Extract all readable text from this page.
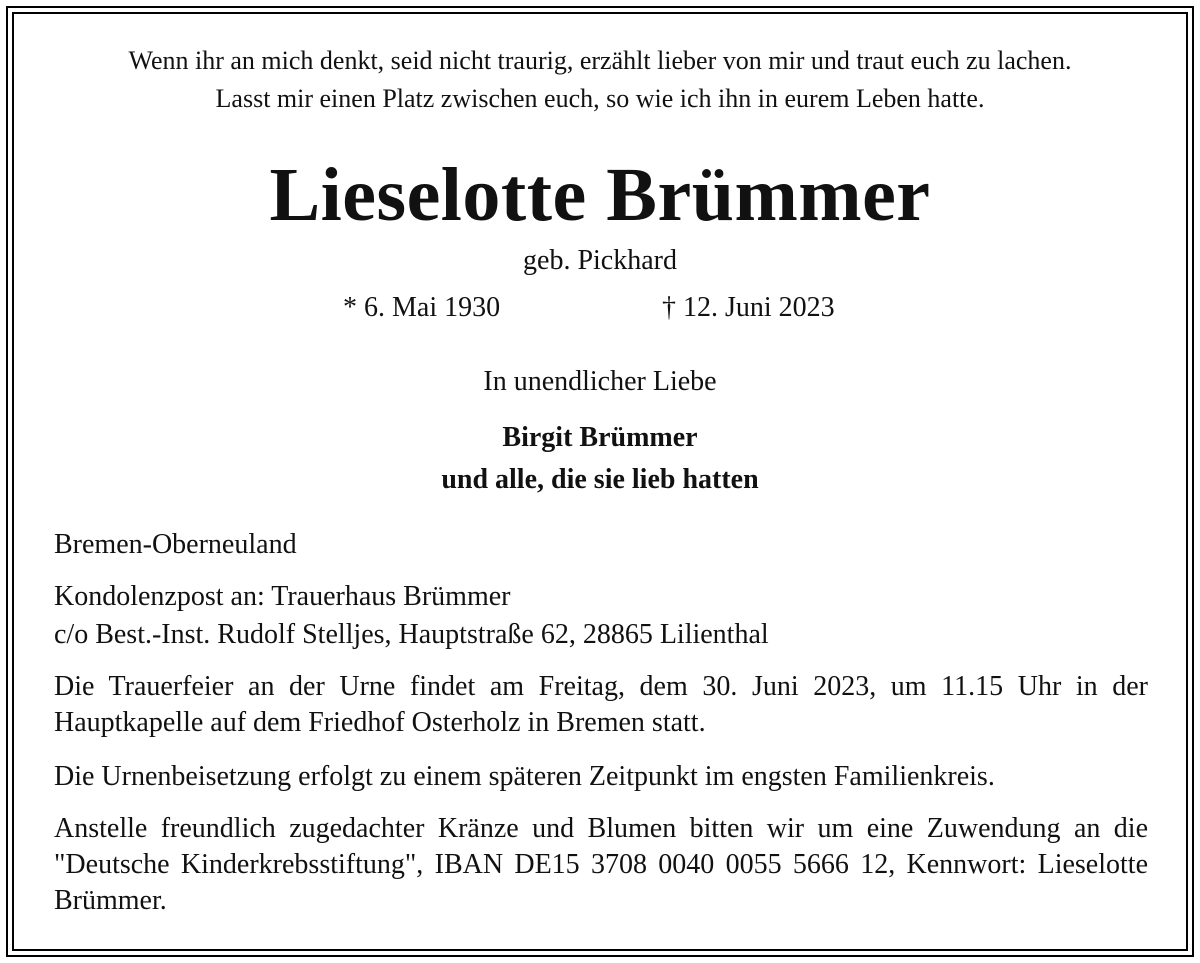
Wenn ihr an mich denkt, seid nicht traurig, erzählt lieber von mir und traut euch zu lachen.
Lasst mir einen Platz zwischen euch, so wie ich ihn in eurem Leben hatte.
Lieselotte Brümmer
geb. Pickhard
* 6. Mai 1930	† 12. Juni 2023
In unendlicher Liebe
Birgit Brümmer
und alle, die sie lieb hatten
Bremen-Oberneuland
Kondolenzpost an: Trauerhaus Brümmer
c/o Best.-Inst. Rudolf Stelljes, Hauptstraße 62, 28865 Lilienthal
Die Trauerfeier an der Urne findet am Freitag, dem 30. Juni 2023, um 11.15 Uhr in der Hauptkapelle auf dem Friedhof Osterholz in Bremen statt.
Die Urnenbeisetzung erfolgt zu einem späteren Zeitpunkt im engsten Familienkreis.
Anstelle freundlich zugedachter Kränze und Blumen bitten wir um eine Zuwendung an die "Deutsche Kinderkrebsstiftung", IBAN DE15 3708 0040 0055 5666 12, Kennwort: Lieselotte Brümmer.
